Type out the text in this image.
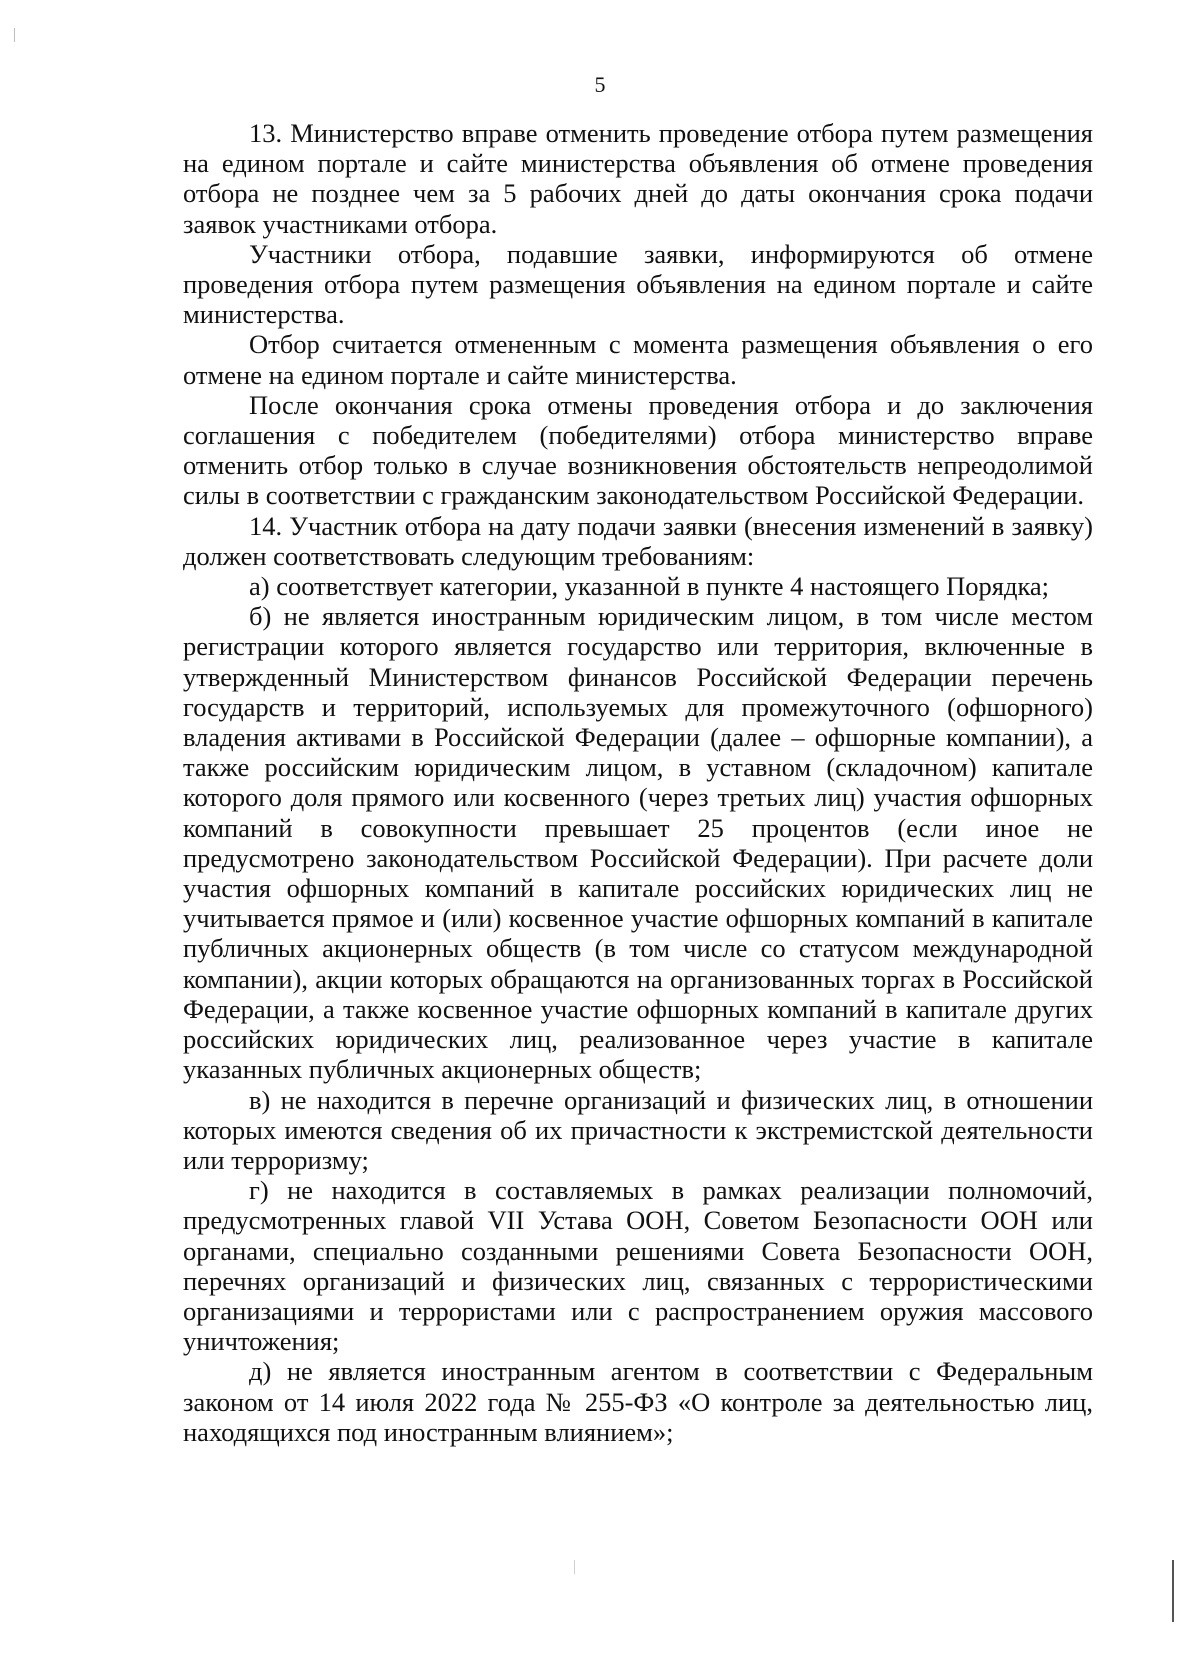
5

13. Министерство вправе отменить проведение отбора путем размещения на едином портале и сайте министерства объявления об отмене проведения отбора не позднее чем за 5 рабочих дней до даты окончания срока подачи заявок участниками отбора.

Участники отбора, подавшие заявки, информируются об отмене проведения отбора путем размещения объявления на едином портале и сайте министерства.

Отбор считается отмененным с момента размещения объявления о его отмене на едином портале и сайте министерства.

После окончания срока отмены проведения отбора и до заключения соглашения с победителем (победителями) отбора министерство вправе отменить отбор только в случае возникновения обстоятельств непреодолимой силы в соответствии с гражданским законодательством Российской Федерации.

14. Участник отбора на дату подачи заявки (внесения изменений в заявку) должен соответствовать следующим требованиям:

а) соответствует категории, указанной в пункте 4 настоящего Порядка;

б) не является иностранным юридическим лицом, в том числе местом регистрации которого является государство или территория, включенные в утвержденный Министерством финансов Российской Федерации перечень государств и территорий, используемых для промежуточного (офшорного) владения активами в Российской Федерации (далее – офшорные компании), а также российским юридическим лицом, в уставном (складочном) капитале которого доля прямого или косвенного (через третьих лиц) участия офшорных компаний в совокупности превышает 25 процентов (если иное не предусмотрено законодательством Российской Федерации). При расчете доли участия офшорных компаний в капитале российских юридических лиц не учитывается прямое и (или) косвенное участие офшорных компаний в капитале публичных акционерных обществ (в том числе со статусом международной компании), акции которых обращаются на организованных торгах в Российской Федерации, а также косвенное участие офшорных компаний в капитале других российских юридических лиц, реализованное через участие в капитале указанных публичных акционерных обществ;

в) не находится в перечне организаций и физических лиц, в отношении которых имеются сведения об их причастности к экстремистской деятельности или терроризму;

г) не находится в составляемых в рамках реализации полномочий, предусмотренных главой VII Устава ООН, Советом Безопасности ООН или органами, специально созданными решениями Совета Безопасности ООН, перечнях организаций и физических лиц, связанных с террористическими организациями и террористами или с распространением оружия массового уничтожения;

д) не является иностранным агентом в соответствии с Федеральным законом от 14 июля 2022 года № 255-ФЗ «О контроле за деятельностью лиц, находящихся под иностранным влиянием»;
